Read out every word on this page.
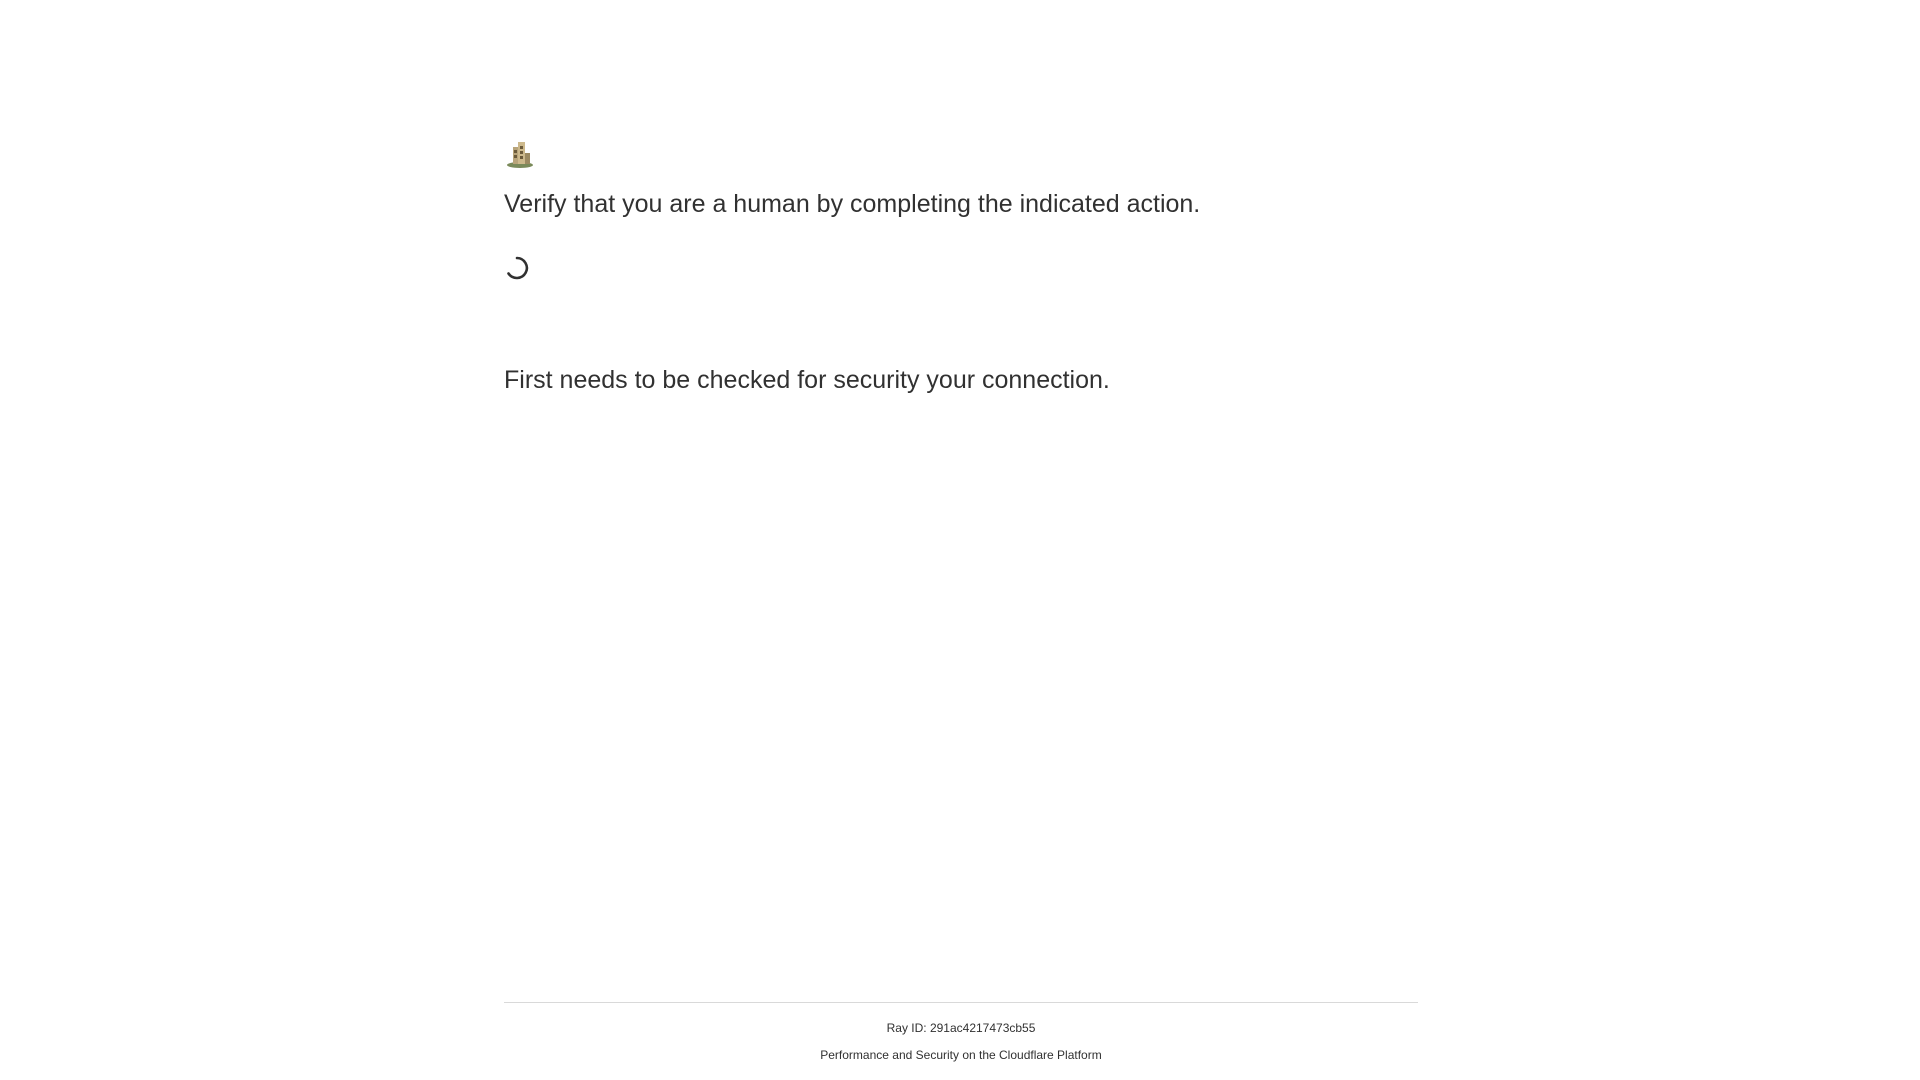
Verify that you are a human by completing the indicated action.

First needs to be checked for security your connection.

Ray ID: 291ac4217473cb55
Performance and Security on the Cloudflare Platform
